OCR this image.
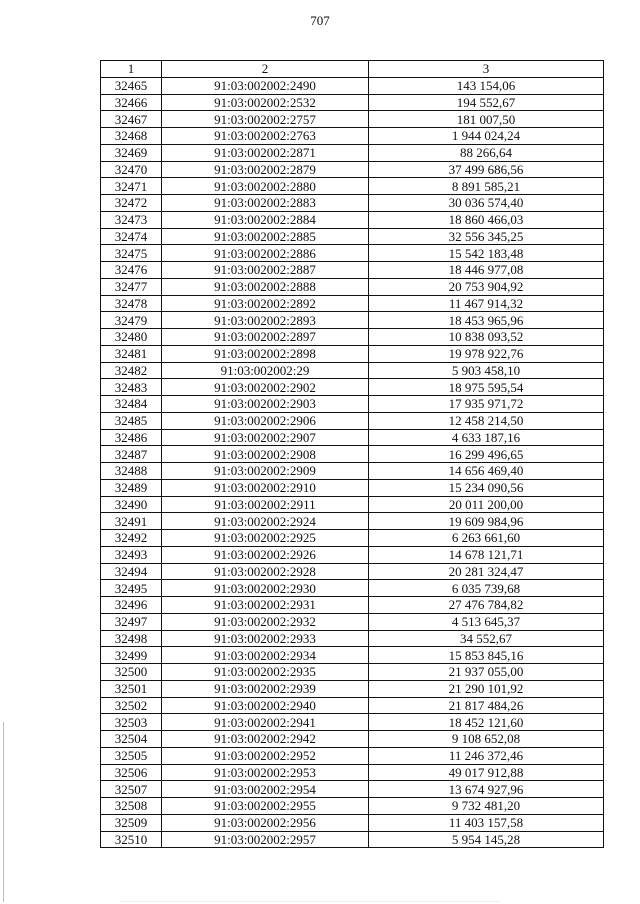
707
1	2	3
32465	91:03:002002:2490	143 154,06
32466	91:03:002002:2532	194 552,67
32467	91:03:002002:2757	181 007,50
32468	91:03:002002:2763	1 944 024,24
32469	91:03:002002:2871	88 266,64
32470	91:03:002002:2879	37 499 686,56
32471	91:03:002002:2880	8 891 585,21
32472	91:03:002002:2883	30 036 574,40
32473	91:03:002002:2884	18 860 466,03
32474	91:03:002002:2885	32 556 345,25
32475	91:03:002002:2886	15 542 183,48
32476	91:03:002002:2887	18 446 977,08
32477	91:03:002002:2888	20 753 904,92
32478	91:03:002002:2892	11 467 914,32
32479	91:03:002002:2893	18 453 965,96
32480	91:03:002002:2897	10 838 093,52
32481	91:03:002002:2898	19 978 922,76
32482	91:03:002002:29	5 903 458,10
32483	91:03:002002:2902	18 975 595,54
32484	91:03:002002:2903	17 935 971,72
32485	91:03:002002:2906	12 458 214,50
32486	91:03:002002:2907	4 633 187,16
32487	91:03:002002:2908	16 299 496,65
32488	91:03:002002:2909	14 656 469,40
32489	91:03:002002:2910	15 234 090,56
32490	91:03:002002:2911	20 011 200,00
32491	91:03:002002:2924	19 609 984,96
32492	91:03:002002:2925	6 263 661,60
32493	91:03:002002:2926	14 678 121,71
32494	91:03:002002:2928	20 281 324,47
32495	91:03:002002:2930	6 035 739,68
32496	91:03:002002:2931	27 476 784,82
32497	91:03:002002:2932	4 513 645,37
32498	91:03:002002:2933	34 552,67
32499	91:03:002002:2934	15 853 845,16
32500	91:03:002002:2935	21 937 055,00
32501	91:03:002002:2939	21 290 101,92
32502	91:03:002002:2940	21 817 484,26
32503	91:03:002002:2941	18 452 121,60
32504	91:03:002002:2942	9 108 652,08
32505	91:03:002002:2952	11 246 372,46
32506	91:03:002002:2953	49 017 912,88
32507	91:03:002002:2954	13 674 927,96
32508	91:03:002002:2955	9 732 481,20
32509	91:03:002002:2956	11 403 157,58
32510	91:03:002002:2957	5 954 145,28
